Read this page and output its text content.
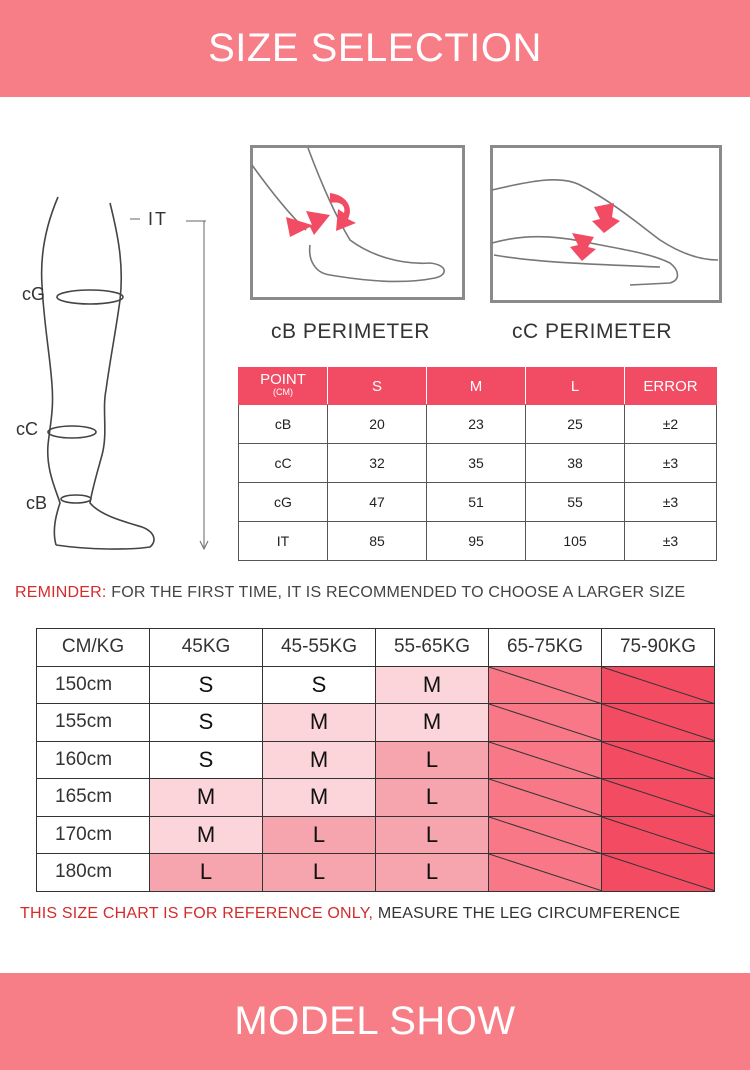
SIZE SELECTION
IT
cG
cC
cB
cB PERIMETER	cC PERIMETER
POINT
(CM)	S	M	L	ERROR
cB	20	23	25	±2
cC	32	35	38	±3
cG	47	51	55	±3
IT	85	95	105	±3
REMINDER: FOR THE FIRST TIME, IT IS RECOMMENDED TO CHOOSE A LARGER SIZE
CM/KG	45KG	45-55KG	55-65KG	65-75KG	75-90KG
150cm	S	S	M	

155cm	S	M	M	

160cm	S	M	L	

165cm	M	M	L	

170cm	M	L	L	

180cm	L	L	L	

THIS SIZE CHART IS FOR REFERENCE ONLY, MEASURE THE LEG CIRCUMFERENCE
MODEL SHOW
